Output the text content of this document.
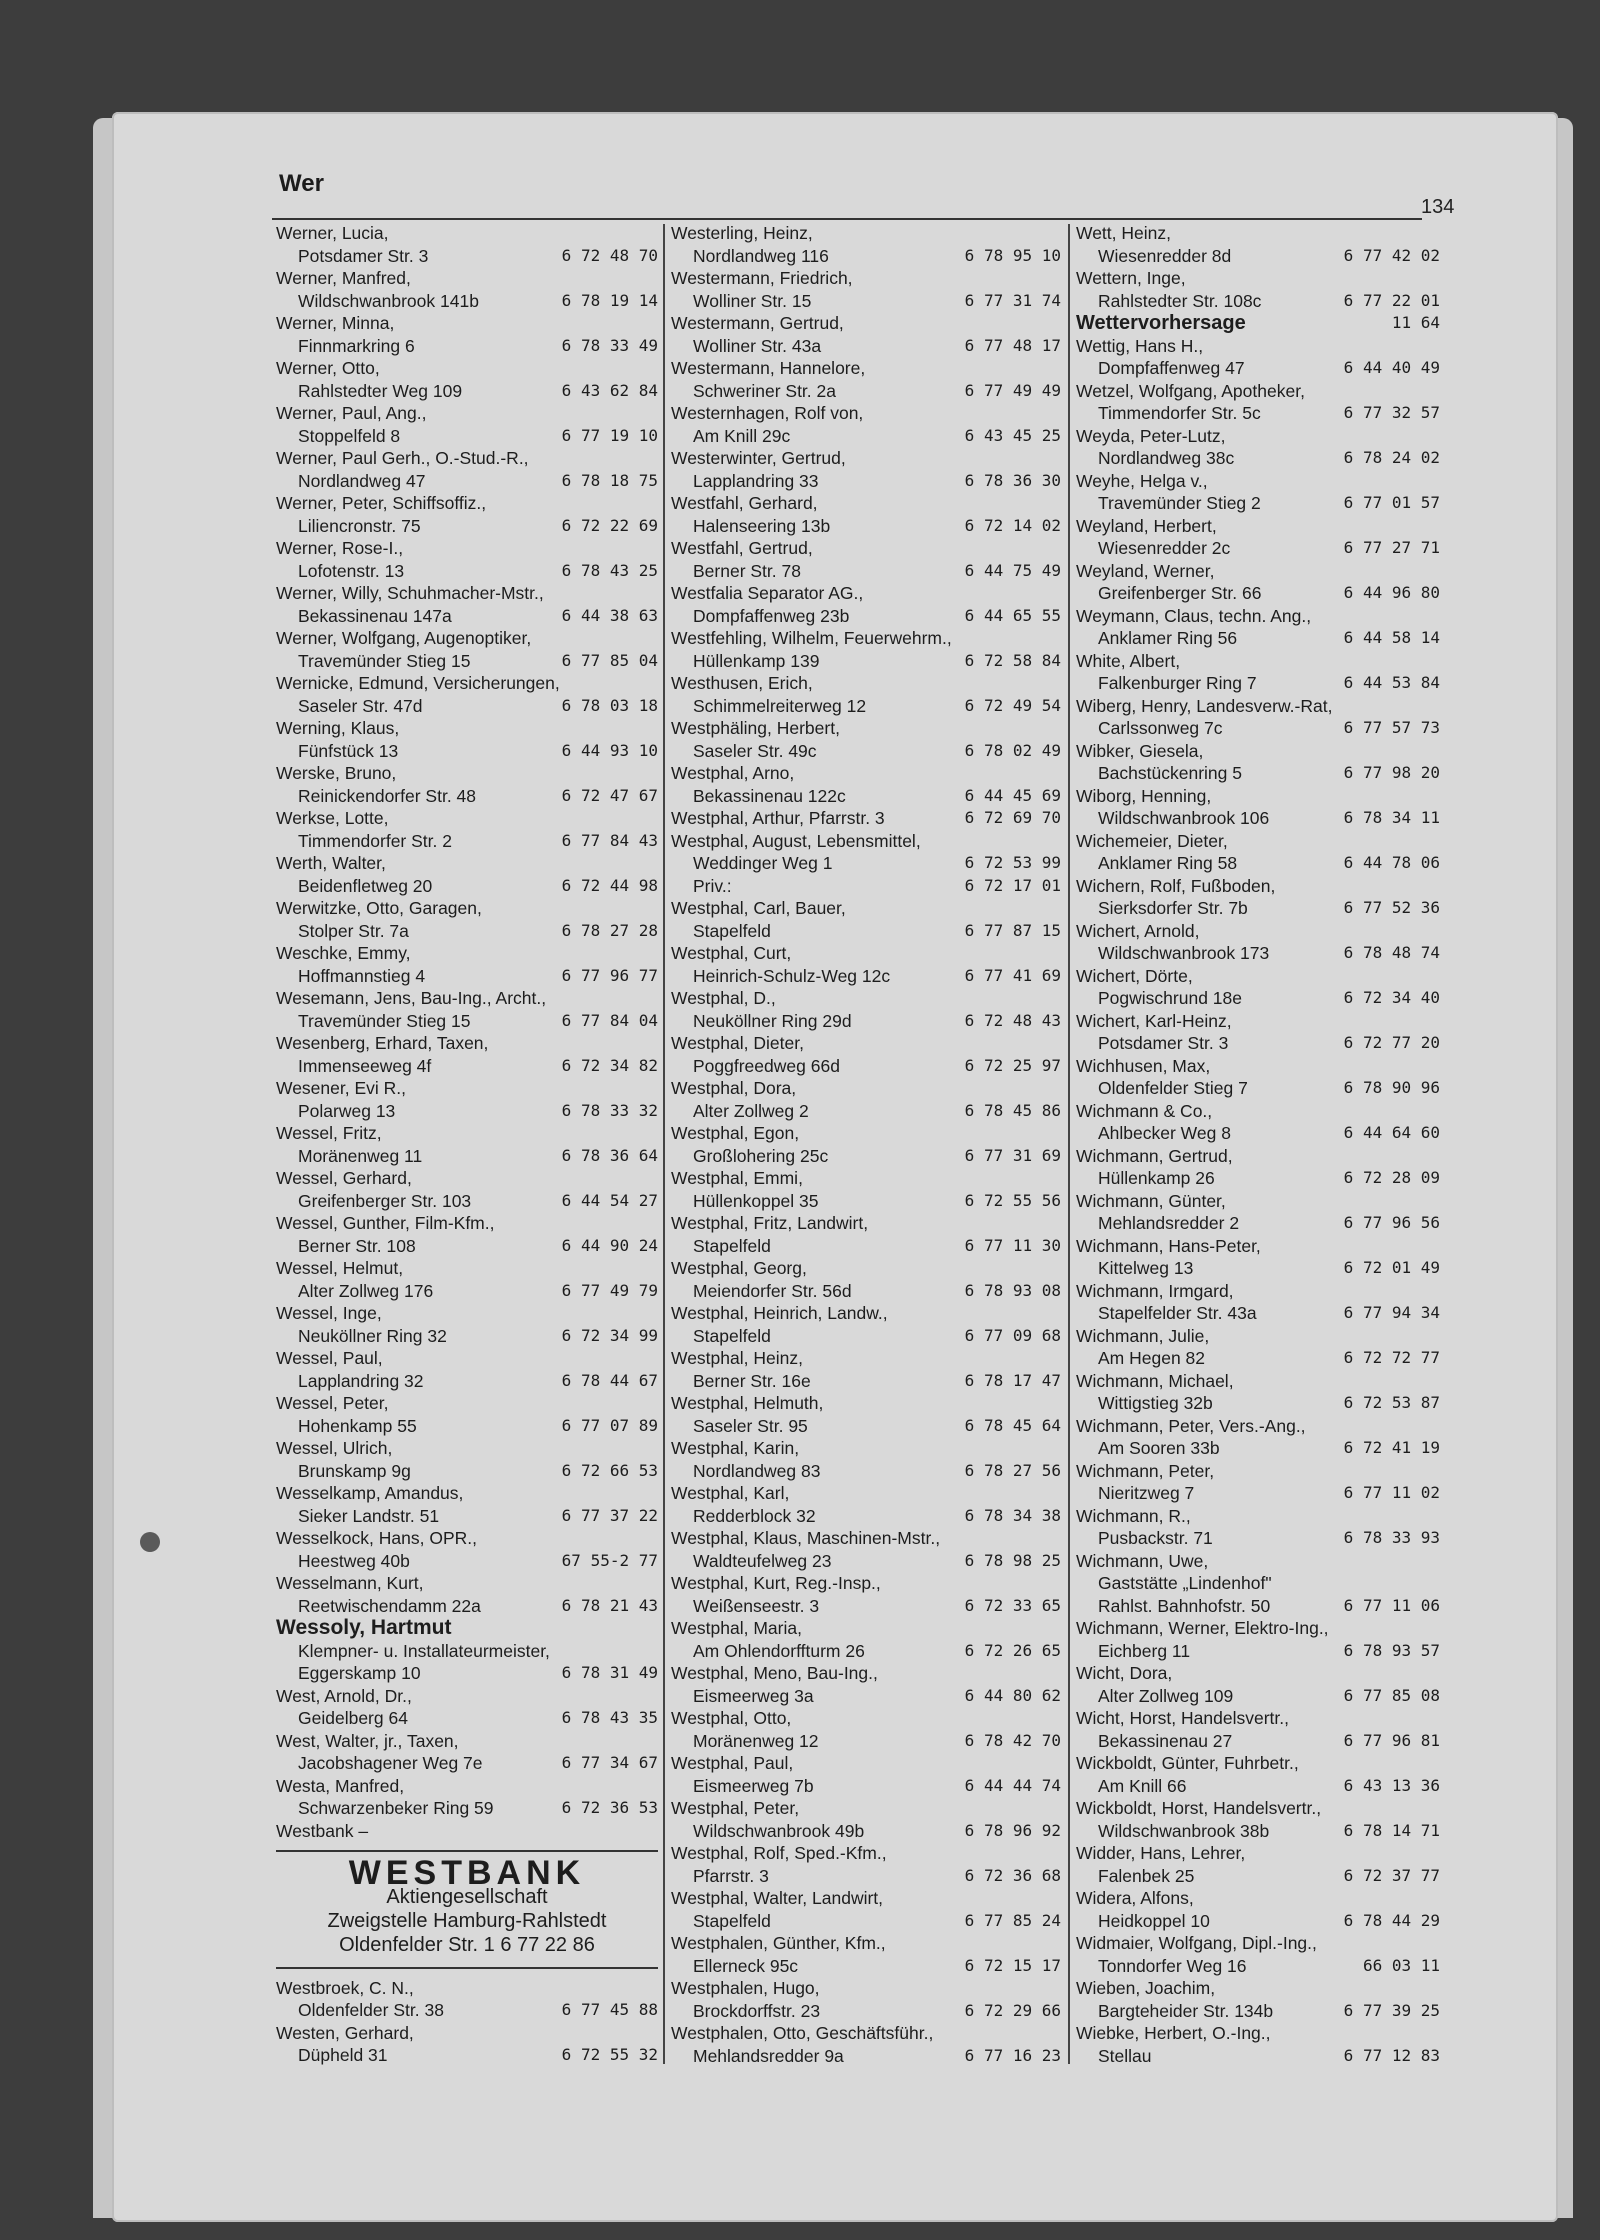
Wer
134
Werner, Lucia,
Potsdamer Str. 3	6 72 48 70
Werner, Manfred,
Wildschwanbrook 141b	6 78 19 14
Werner, Minna,
Finnmarkring 6	6 78 33 49
Werner, Otto,
Rahlstedter Weg 109	6 43 62 84
Werner, Paul, Ang.,
Stoppelfeld 8	6 77 19 10
Werner, Paul Gerh., O.-Stud.-R.,
Nordlandweg 47	6 78 18 75
Werner, Peter, Schiffsoffiz.,
Liliencronstr. 75	6 72 22 69
Werner, Rose-I.,
Lofotenstr. 13	6 78 43 25
Werner, Willy, Schuhmacher-Mstr.,
Bekassinenau 147a	6 44 38 63
Werner, Wolfgang, Augenoptiker,
Travemünder Stieg 15	6 77 85 04
Wernicke, Edmund, Versicherungen,
Saseler Str. 47d	6 78 03 18
Werning, Klaus,
Fünfstück 13	6 44 93 10
Werske, Bruno,
Reinickendorfer Str. 48	6 72 47 67
Werkse, Lotte,
Timmendorfer Str. 2	6 77 84 43
Werth, Walter,
Beidenfletweg 20	6 72 44 98
Werwitzke, Otto, Garagen,
Stolper Str. 7a	6 78 27 28
Weschke, Emmy,
Hoffmannstieg 4	6 77 96 77
Wesemann, Jens, Bau-Ing., Archt.,
Travemünder Stieg 15	6 77 84 04
Wesenberg, Erhard, Taxen,
Immenseeweg 4f	6 72 34 82
Wesener, Evi R.,
Polarweg 13	6 78 33 32
Wessel, Fritz,
Moränenweg 11	6 78 36 64
Wessel, Gerhard,
Greifenberger Str. 103	6 44 54 27
Wessel, Gunther, Film-Kfm.,
Berner Str. 108	6 44 90 24
Wessel, Helmut,
Alter Zollweg 176	6 77 49 79
Wessel, Inge,
Neuköllner Ring 32	6 72 34 99
Wessel, Paul,
Lapplandring 32	6 78 44 67
Wessel, Peter,
Hohenkamp 55	6 77 07 89
Wessel, Ulrich,
Brunskamp 9g	6 72 66 53
Wesselkamp, Amandus,
Sieker Landstr. 51	6 77 37 22
Wesselkock, Hans, OPR.,
Heestweg 40b	67 55-2 77
Wesselmann, Kurt,
Reetwischendamm 22a	6 78 21 43
Wessoly, Hartmut
Klempner- u. Installateurmeister,
Eggerskamp 10	6 78 31 49
West, Arnold, Dr.,
Geidelberg 64	6 78 43 35
West, Walter, jr., Taxen,
Jacobshagener Weg 7e	6 77 34 67
Westa, Manfred,
Schwarzenbeker Ring 59	6 72 36 53
Westbank –
WESTBANK
Aktiengesellschaft
Zweigstelle Hamburg-Rahlstedt
Oldenfelder Str. 1 6 77 22 86
Westbroek, C. N.,
Oldenfelder Str. 38	6 77 45 88
Westen, Gerhard,
Düpheld 31	6 72 55 32
Westerling, Heinz,
Nordlandweg 116	6 78 95 10
Westermann, Friedrich,
Wolliner Str. 15	6 77 31 74
Westermann, Gertrud,
Wolliner Str. 43a	6 77 48 17
Westermann, Hannelore,
Schweriner Str. 2a	6 77 49 49
Westernhagen, Rolf von,
Am Knill 29c	6 43 45 25
Westerwinter, Gertrud,
Lapplandring 33	6 78 36 30
Westfahl, Gerhard,
Halenseering 13b	6 72 14 02
Westfahl, Gertrud,
Berner Str. 78	6 44 75 49
Westfalia Separator AG.,
Dompfaffenweg 23b	6 44 65 55
Westfehling, Wilhelm, Feuerwehrm.,
Hüllenkamp 139	6 72 58 84
Westhusen, Erich,
Schimmelreiterweg 12	6 72 49 54
Westphäling, Herbert,
Saseler Str. 49c	6 78 02 49
Westphal, Arno,
Bekassinenau 122c	6 44 45 69
Westphal, Arthur, Pfarrstr. 3	6 72 69 70
Westphal, August, Lebensmittel,
Weddinger Weg 1	6 72 53 99
Priv.:	6 72 17 01
Westphal, Carl, Bauer,
Stapelfeld	6 77 87 15
Westphal, Curt,
Heinrich-Schulz-Weg 12c	6 77 41 69
Westphal, D.,
Neuköllner Ring 29d	6 72 48 43
Westphal, Dieter,
Poggfreedweg 66d	6 72 25 97
Westphal, Dora,
Alter Zollweg 2	6 78 45 86
Westphal, Egon,
Großlohering 25c	6 77 31 69
Westphal, Emmi,
Hüllenkoppel 35	6 72 55 56
Westphal, Fritz, Landwirt,
Stapelfeld	6 77 11 30
Westphal, Georg,
Meiendorfer Str. 56d	6 78 93 08
Westphal, Heinrich, Landw.,
Stapelfeld	6 77 09 68
Westphal, Heinz,
Berner Str. 16e	6 78 17 47
Westphal, Helmuth,
Saseler Str. 95	6 78 45 64
Westphal, Karin,
Nordlandweg 83	6 78 27 56
Westphal, Karl,
Redderblock 32	6 78 34 38
Westphal, Klaus, Maschinen-Mstr.,
Waldteufelweg 23	6 78 98 25
Westphal, Kurt, Reg.-Insp.,
Weißenseestr. 3	6 72 33 65
Westphal, Maria,
Am Ohlendorffturm 26	6 72 26 65
Westphal, Meno, Bau-Ing.,
Eismeerweg 3a	6 44 80 62
Westphal, Otto,
Moränenweg 12	6 78 42 70
Westphal, Paul,
Eismeerweg 7b	6 44 44 74
Westphal, Peter,
Wildschwanbrook 49b	6 78 96 92
Westphal, Rolf, Sped.-Kfm.,
Pfarrstr. 3	6 72 36 68
Westphal, Walter, Landwirt,
Stapelfeld	6 77 85 24
Westphalen, Günther, Kfm.,
Ellerneck 95c	6 72 15 17
Westphalen, Hugo,
Brockdorffstr. 23	6 72 29 66
Westphalen, Otto, Geschäftsführ.,
Mehlandsredder 9a	6 77 16 23
Wett, Heinz,
Wiesenredder 8d	6 77 42 02
Wettern, Inge,
Rahlstedter Str. 108c	6 77 22 01
Wettervorhersage	11 64
Wettig, Hans H.,
Dompfaffenweg 47	6 44 40 49
Wetzel, Wolfgang, Apotheker,
Timmendorfer Str. 5c	6 77 32 57
Weyda, Peter-Lutz,
Nordlandweg 38c	6 78 24 02
Weyhe, Helga v.,
Travemünder Stieg 2	6 77 01 57
Weyland, Herbert,
Wiesenredder 2c	6 77 27 71
Weyland, Werner,
Greifenberger Str. 66	6 44 96 80
Weymann, Claus, techn. Ang.,
Anklamer Ring 56	6 44 58 14
White, Albert,
Falkenburger Ring 7	6 44 53 84
Wiberg, Henry, Landesverw.-Rat,
Carlssonweg 7c	6 77 57 73
Wibker, Giesela,
Bachstückenring 5	6 77 98 20
Wiborg, Henning,
Wildschwanbrook 106	6 78 34 11
Wichemeier, Dieter,
Anklamer Ring 58	6 44 78 06
Wichern, Rolf, Fußboden,
Sierksdorfer Str. 7b	6 77 52 36
Wichert, Arnold,
Wildschwanbrook 173	6 78 48 74
Wichert, Dörte,
Pogwischrund 18e	6 72 34 40
Wichert, Karl-Heinz,
Potsdamer Str. 3	6 72 77 20
Wichhusen, Max,
Oldenfelder Stieg 7	6 78 90 96
Wichmann & Co.,
Ahlbecker Weg 8	6 44 64 60
Wichmann, Gertrud,
Hüllenkamp 26	6 72 28 09
Wichmann, Günter,
Mehlandsredder 2	6 77 96 56
Wichmann, Hans-Peter,
Kittelweg 13	6 72 01 49
Wichmann, Irmgard,
Stapelfelder Str. 43a	6 77 94 34
Wichmann, Julie,
Am Hegen 82	6 72 72 77
Wichmann, Michael,
Wittigstieg 32b	6 72 53 87
Wichmann, Peter, Vers.-Ang.,
Am Sooren 33b	6 72 41 19
Wichmann, Peter,
Nieritzweg 7	6 77 11 02
Wichmann, R.,
Pusbackstr. 71	6 78 33 93
Wichmann, Uwe,
Gaststätte „Lindenhof"
Rahlst. Bahnhofstr. 50	6 77 11 06
Wichmann, Werner, Elektro-Ing.,
Eichberg 11	6 78 93 57
Wicht, Dora,
Alter Zollweg 109	6 77 85 08
Wicht, Horst, Handelsvertr.,
Bekassinenau 27	6 77 96 81
Wickboldt, Günter, Fuhrbetr.,
Am Knill 66	6 43 13 36
Wickboldt, Horst, Handelsvertr.,
Wildschwanbrook 38b	6 78 14 71
Widder, Hans, Lehrer,
Falenbek 25	6 72 37 77
Widera, Alfons,
Heidkoppel 10	6 78 44 29
Widmaier, Wolfgang, Dipl.-Ing.,
Tonndorfer Weg 16	66 03 11
Wieben, Joachim,
Bargteheider Str. 134b	6 77 39 25
Wiebke, Herbert, O.-Ing.,
Stellau	6 77 12 83
